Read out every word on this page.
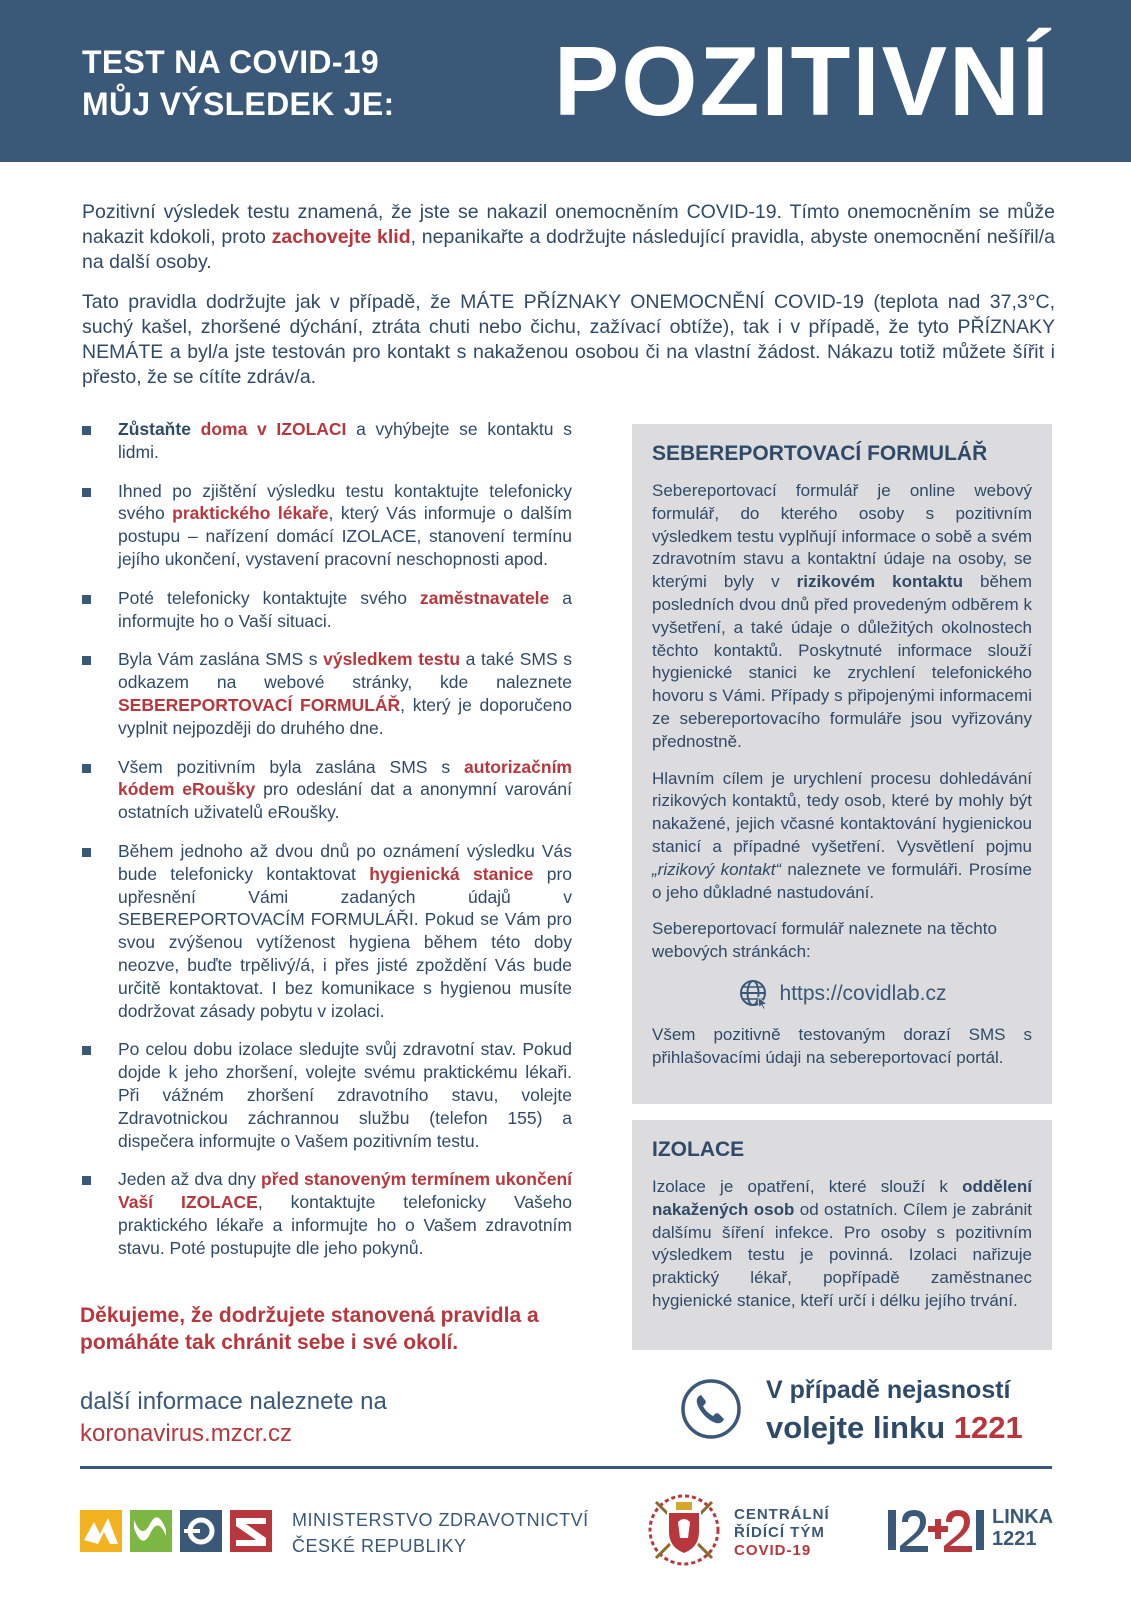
TEST NA COVID-19
MŮJ VÝSLEDEK JE: POZITIVNÍ

Pozitivní výsledek testu znamená, že jste se nakazil onemocněním COVID-19. Tímto onemocněním se může nakazit kdokoli, proto zachovejte klid, nepanikařte a dodržujte následující pravidla, abyste onemocnění nešířil/a na další osoby.

Tato pravidla dodržujte jak v případě, že MÁTE PŘÍZNAKY ONEMOCNĚNÍ COVID-19 (teplota nad 37,3°C, suchý kašel, zhoršené dýchání, ztráta chuti nebo čichu, zažívací obtíže), tak i v případě, že tyto PŘÍZNAKY NEMÁTE a byl/a jste testován pro kontakt s nakaženou osobou či na vlastní žádost. Nákazu totiž můžete šířit i přesto, že se cítíte zdráv/a.

Zůstaňte doma v IZOLACI a vyhýbejte se kontaktu s lidmi.
Ihned po zjištění výsledku testu kontaktujte telefonicky svého praktického lékaře, který Vás informuje o dalším postupu – nařízení domácí IZOLACE, stanovení termínu jejího ukončení, vystavení pracovní neschopnosti apod.
Poté telefonicky kontaktujte svého zaměstnavatele a informujte ho o Vaší situaci.
Byla Vám zaslána SMS s výsledkem testu a také SMS s odkazem na webové stránky, kde naleznete SEBEREPORTOVACÍ FORMULÁŘ, který je doporučeno vyplnit nejpozději do druhého dne.
Všem pozitivním byla zaslána SMS s autorizačním kódem eRoušky pro odeslání dat a anonymní varování ostatních uživatelů eRoušky.
Během jednoho až dvou dnů po oznámení výsledku Vás bude telefonicky kontaktovat hygienická stanice pro upřesnění Vámi zadaných údajů v SEBEREPORTOVACÍM FORMULÁŘI. Pokud se Vám pro svou zvýšenou vytíženost hygiena během této doby neozve, buďte trpělivý/á, i přes jisté zpoždění Vás bude určitě kontaktovat. I bez komunikace s hygienou musíte dodržovat zásady pobytu v izolaci.
Po celou dobu izolace sledujte svůj zdravotní stav. Pokud dojde k jeho zhoršení, volejte svému praktickému lékaři. Při vážném zhoršení zdravotního stavu, volejte Zdravotnickou záchrannou službu (telefon 155) a dispečera informujte o Vašem pozitivním testu.
Jeden až dva dny před stanoveným termínem ukončení Vaší IZOLACE, kontaktujte telefonicky Vašeho praktického lékaře a informujte ho o Vašem zdravotním stavu. Poté postupujte dle jeho pokynů.
Děkujeme, že dodržujete stanovená pravidla a pomáháte tak chránit sebe i své okolí.
další informace naleznete na
koronavirus.mzcr.cz
SEBEREPORTOVACÍ FORMULÁŘ

Sebereportovací formulář je online webový formulář, do kterého osoby s pozitivním výsledkem testu vyplňují informace o sobě a svém zdravotním stavu a kontaktní údaje na osoby, se kterými byly v rizikovém kontaktu během posledních dvou dnů před provedeným odběrem k vyšetření, a také údaje o důležitých okolnostech těchto kontaktů. Poskytnuté informace slouží hygienické stanici ke zrychlení telefonického hovoru s Vámi. Případy s připojenými informacemi ze sebereportovacího formuláře jsou vyřizovány přednostně.

Hlavním cílem je urychlení procesu dohledávání rizikových kontaktů, tedy osob, které by mohly být nakažené, jejich včasné kontaktování hygienickou stanicí a případné vyšetření. Vysvětlení pojmu „rizikový kontakt“ naleznete ve formuláři. Prosíme o jeho důkladné nastudování.

Sebereportovací formulář naleznete na těchto webových stránkách:

https://covidlab.cz

Všem pozitivně testovaným dorazí SMS s přihlašovacími údaji na sebereportovací portál.

IZOLACE

Izolace je opatření, které slouží k oddělení nakažených osob od ostatních. Cílem je zabránit dalšímu šíření infekce. Pro osoby s pozitivním výsledkem testu je povinná. Izolaci nařizuje praktický lékař, popřípadě zaměstnanec hygienické stanice, kteří určí i délku jejího trvání.

V případě nejasností
volejte linku 1221
MINISTERSTVO ZDRAVOTNICTVÍ
ČESKÉ REPUBLIKY
CENTRÁLNÍ
ŘÍDÍCÍ TÝM
COVID-19
LINKA
1221
